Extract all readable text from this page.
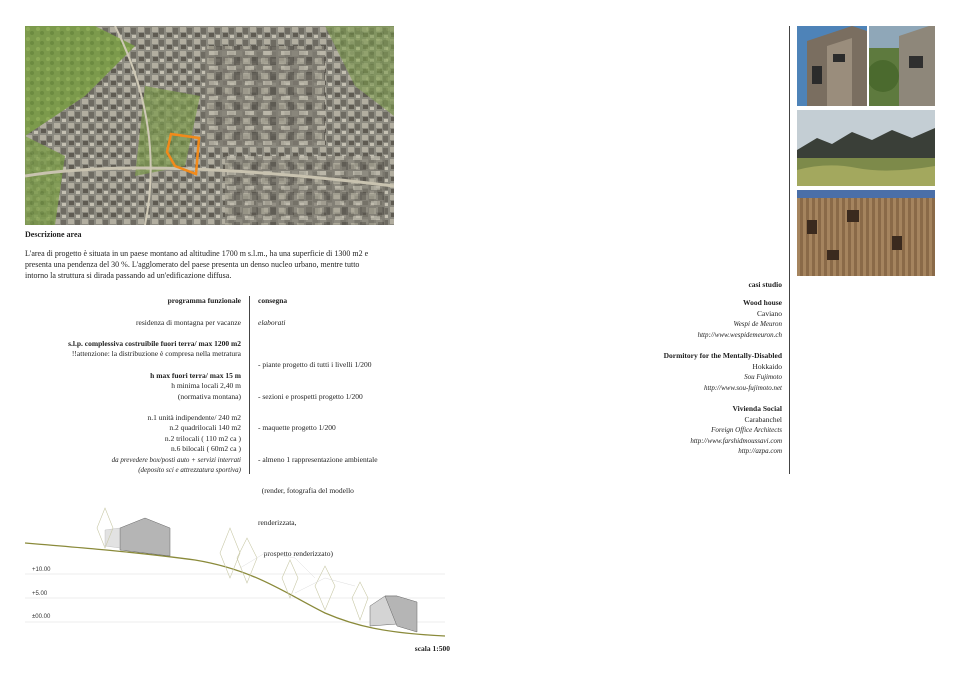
Descrizione area
L'area di progetto è situata in un paese montano ad altitudine 1700 m s.l.m., ha una superficie di 1300 m2 e
presenta una pendenza del 30 %. L'agglomerato del paese presenta un denso nucleo urbano, mentre tutto
intorno la struttura si dirada passando ad un'edificazione diffusa.
programma funzionale
residenza di montagna per vacanze
s.l.p. complessiva costruibile fuori terra/ max 1200 m2
!!attenzione: la distribuzione è compresa nella metratura
h max fuori terra/ max 15 m
h minima locali 2,40 m
(normativa montana)
n.1 unità indipendente/ 240 m2
n.2 quadrilocali 140 m2
n.2 trilocali ( 110 m2 ca )
n.6 bilocali ( 60m2 ca )
da prevedere box/posti auto + servizi interrati
(deposito sci e attrezzatura sportiva)
consegna
elaborati

- piante progetto di tutti i livelli 1/200

- sezioni e prospetti progetto 1/200

- maquette progetto 1/200

- almeno 1 rappresentazione ambientale

(render, fotografia del modello

renderizzata,

prospetto renderizzato)

+10.00
+5.00
±00.00
scala 1:500
casi studio
Wood house
Caviano
Wespi de Meuron
http://www.wespidemeuron.ch
Dormitory for the Mentally-Disabled
Hokkaido
Sou Fujimoto
http://www.sou-fujimoto.net
Vivienda Social
Carabanchel
Foreign Office Architects
http://www.farshidmoussavi.com
http://azpa.com
